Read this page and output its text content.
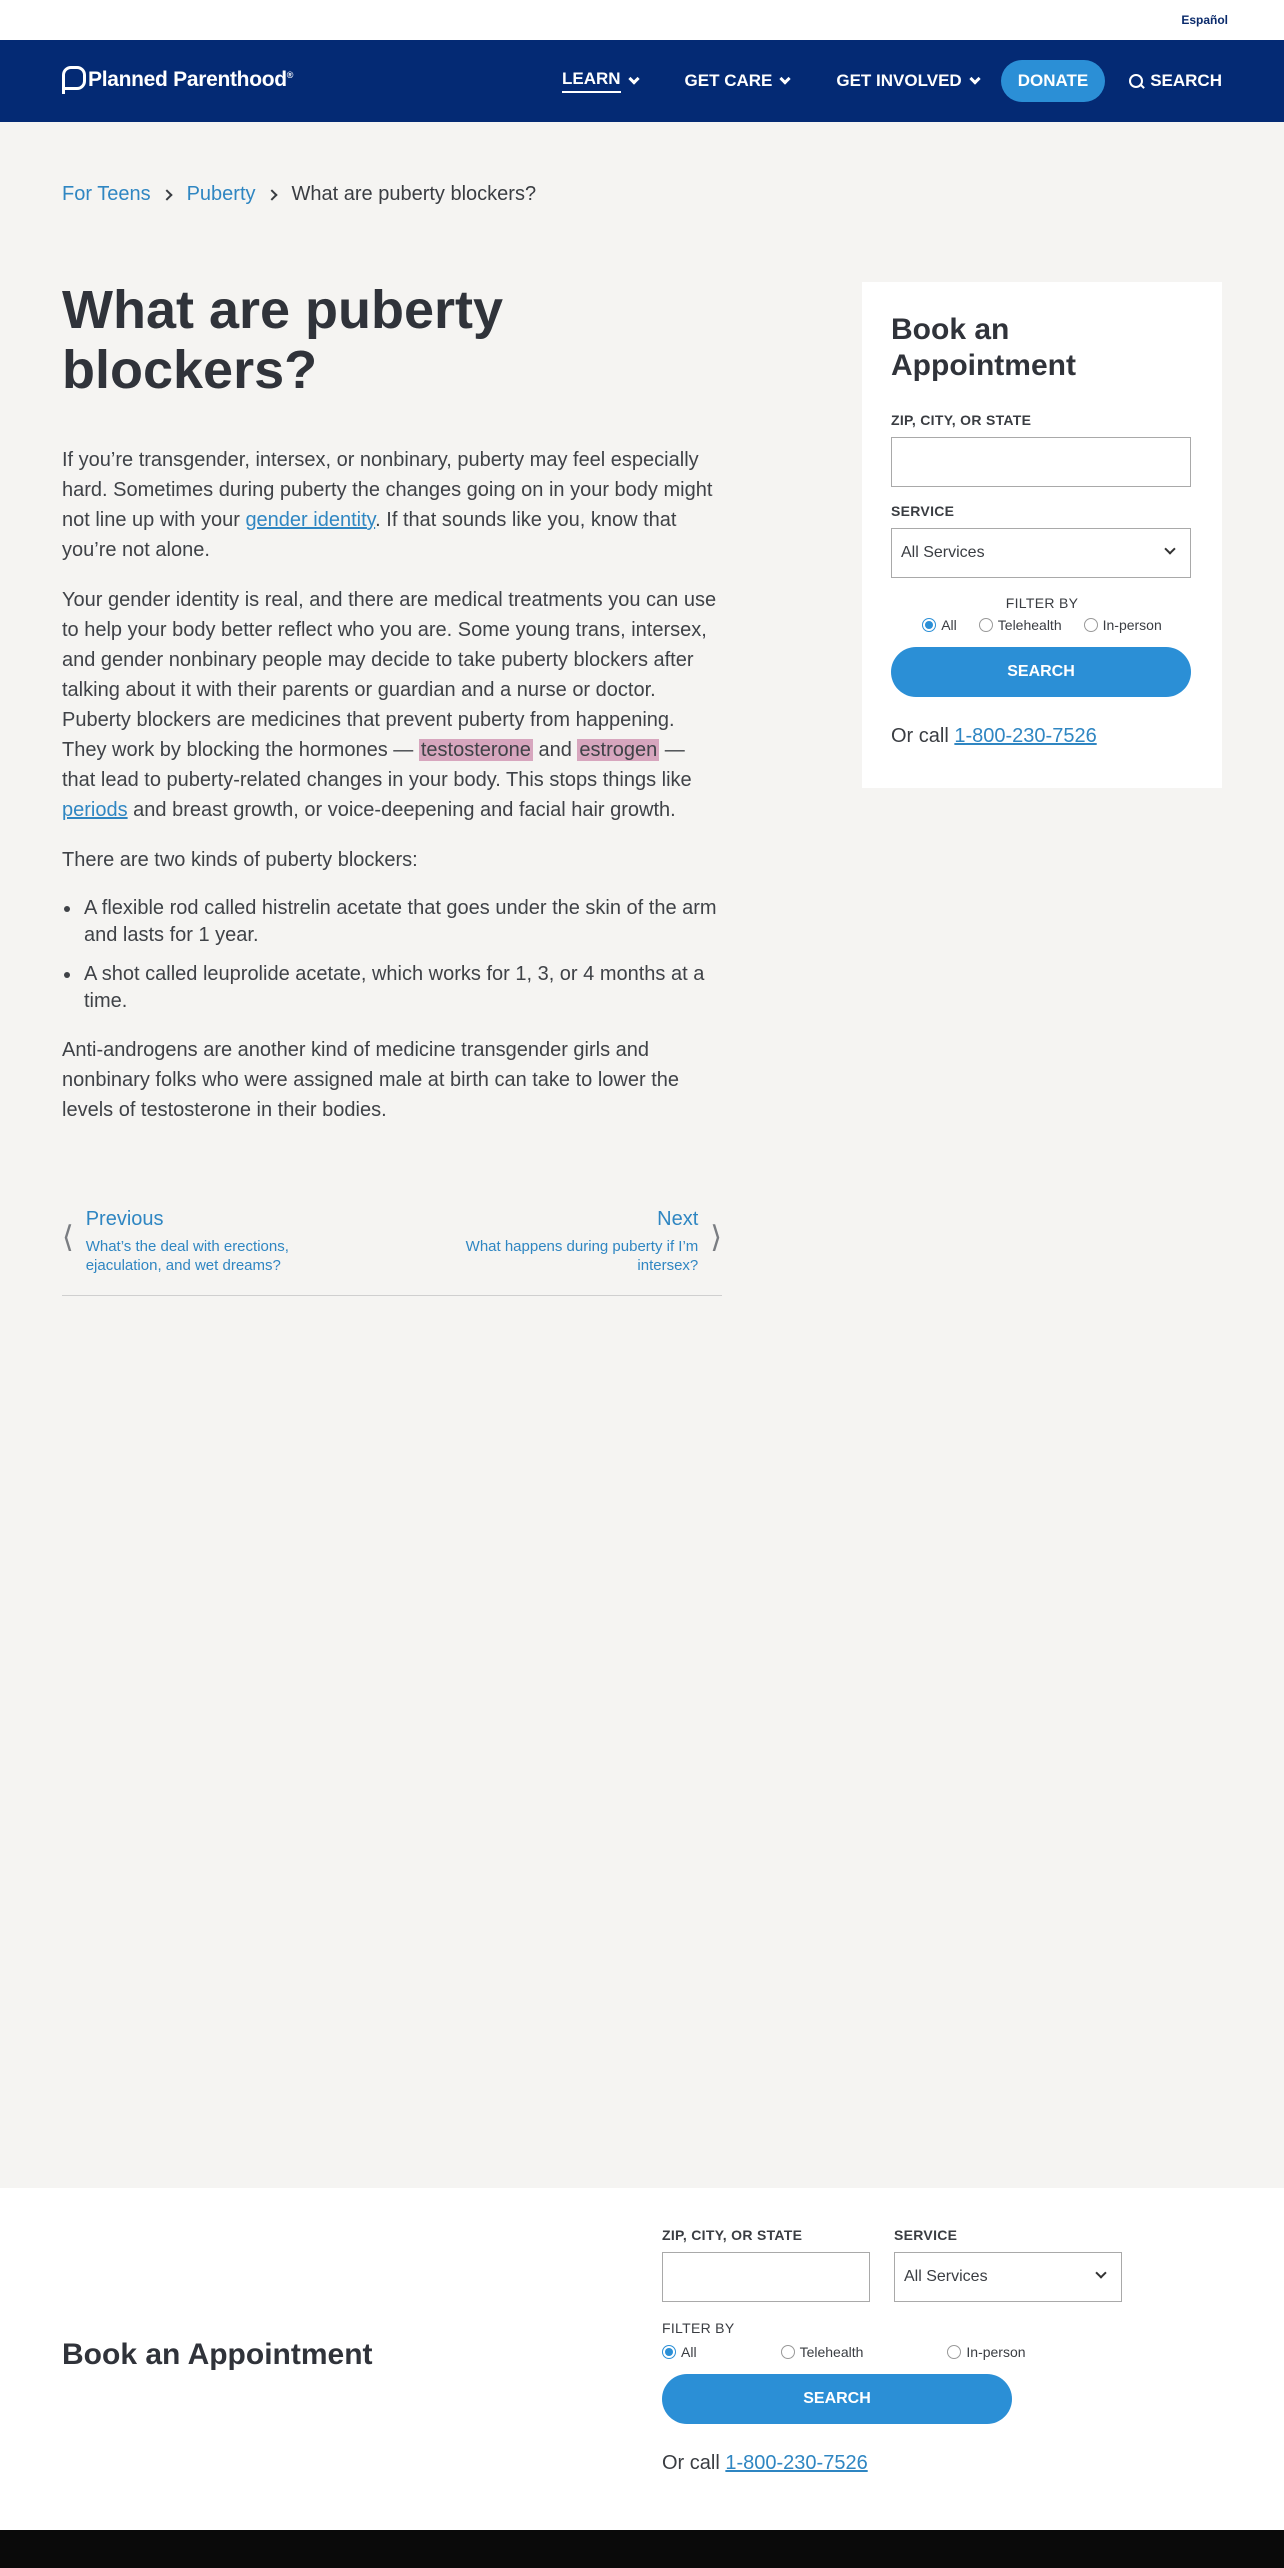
Español
Planned Parenthood®	LEARN	GET CARE	GET INVOLVED	DONATE	SEARCH
For Teens Puberty What are puberty blockers?
What are puberty blockers?

If you’re transgender, intersex, or nonbinary, puberty may feel especially hard. Sometimes during puberty the changes going on in your body might not line up with your gender identity. If that sounds like you, know that you’re not alone.

Your gender identity is real, and there are medical treatments you can use to help your body better reflect who you are. Some young trans, intersex, and gender nonbinary people may decide to take puberty blockers after talking about it with their parents or guardian and a nurse or doctor. Puberty blockers are medicines that prevent puberty from happening. They work by blocking the hormones — testosterone and estrogen — that lead to puberty-related changes in your body. This stops things like periods and breast growth, or voice-deepening and facial hair growth.

There are two kinds of puberty blockers:

• A flexible rod called histrelin acetate that goes under the skin of the arm and lasts for 1 year.
• A shot called leuprolide acetate, which works for 1, 3, or 4 months at a time.

Anti-androgens are another kind of medicine transgender girls and nonbinary folks who were assigned male at birth can take to lower the levels of testosterone in their bodies.

⟨
Previous
What’s the deal with erections, ejaculation, and wet dreams?
Next
What happens during puberty if I’m intersex?
⟩
Book an Appointment
ZIP, CITY, OR STATE
SERVICE
All Services
FILTER BY
All	Telehealth	In-person
SEARCH
Or call 1-800-230-7526
Book an Appointment
ZIP, CITY, OR STATE	SERVICE
All Services
FILTER BY
All	Telehealth	In-person
SEARCH
Or call 1-800-230-7526
